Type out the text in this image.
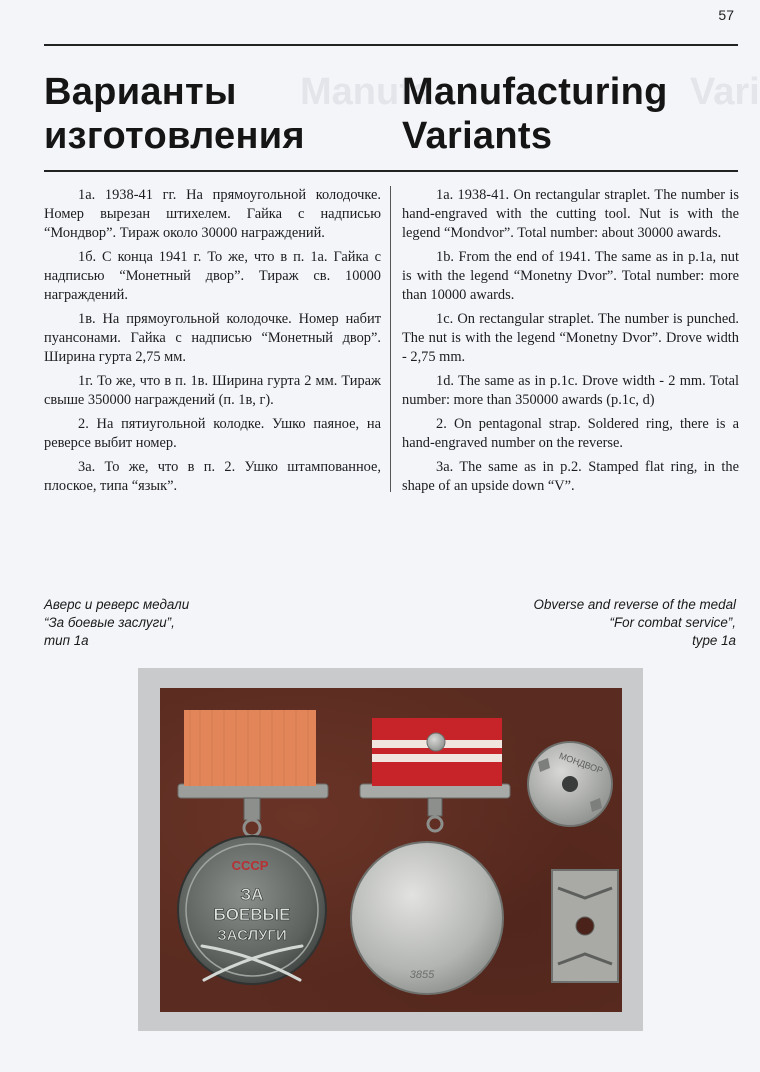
57
Manufa	Vari
Варианты
изготовления
Manufacturing
Variants

1а. 1938-41 гг. На прямоугольной колодочке. Номер вырезан штихелем. Гайка с надписью “Мондвор”. Тираж около 30000 награждений.

1б. С конца 1941 г. То же, что в п. 1а. Гайка с надписью “Монетный двор”. Тираж св. 10000 награждений.

1в. На прямоугольной колодочке. Номер набит пуансонами. Гайка с надписью “Монетный двор”. Ширина гурта 2,75 мм.

1г. То же, что в п. 1в. Ширина гурта 2 мм. Тираж свыше 350000 награждений (п. 1в, г).

2. На пятиугольной колодке. Ушко паяное, на реверсе выбит номер.

3а. То же, что в п. 2. Ушко штампованное, плоское, типа “язык”.

1a. 1938-41. On rectangular straplet. The number is hand-engraved with the cutting tool. Nut is with the legend “Mondvor”. Total number: about 30000 awards.

1b. From the end of 1941. The same as in p.1a, nut is with the legend “Monetny Dvor”. Total number: more than 10000 awards.

1c. On rectangular straplet. The number is punched. The nut is with the legend “Monetny Dvor”. Drove width - 2,75 mm.

1d. The same as in p.1c. Drove width - 2 mm. Total number: more than 350000 awards (p.1c, d)

2. On pentagonal strap. Soldered ring, there is a hand-engraved number on the reverse.

3a. The same as in p.2. Stamped flat ring, in the shape of an upside down “V”.

Аверс и реверс медали
“За боевые заслуги”,
тип 1а
Obverse and reverse of the medal
“For combat service”,
type 1a
СССР
ЗА
БОЕВЫЕ
ЗАСЛУГИ
3855
МОНДВОР
